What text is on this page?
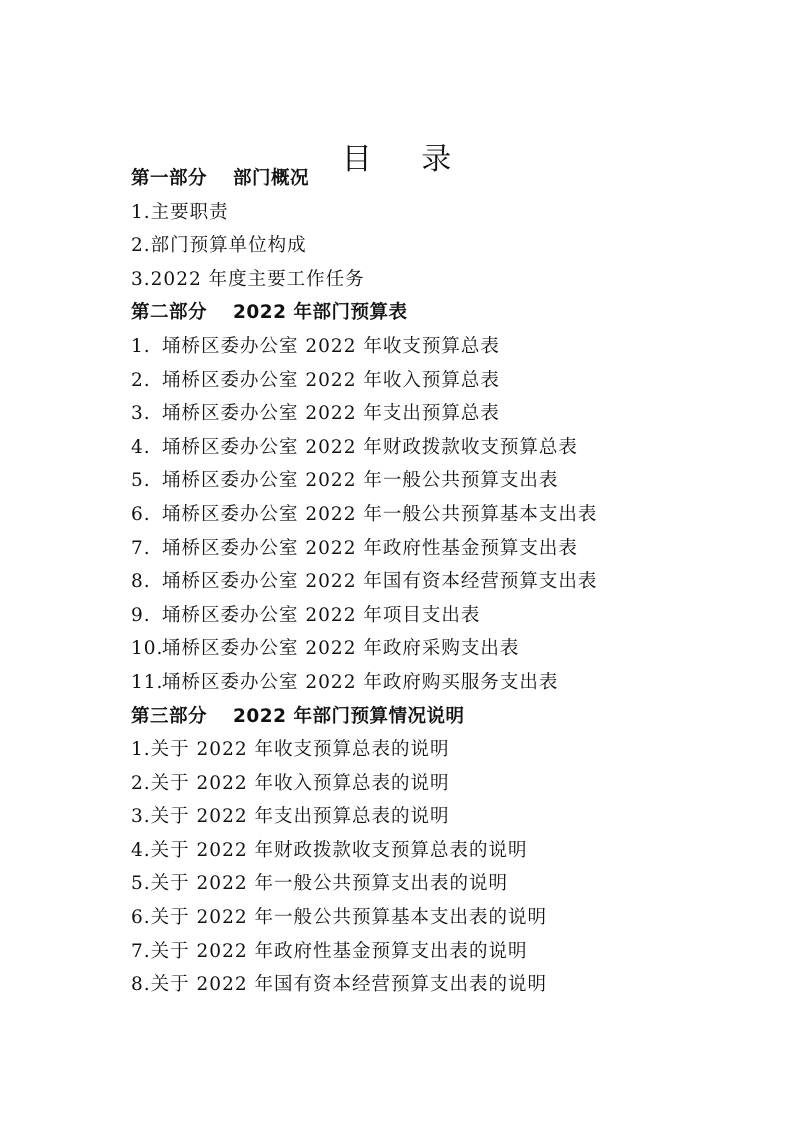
目 录
第一部分 部门概况
1.主要职责
2.部门预算单位构成
3.2022 年度主要工作任务
第二部分 2022 年部门预算表
1. 埇桥区委办公室 2022 年收支预算总表
2. 埇桥区委办公室 2022 年收入预算总表
3. 埇桥区委办公室 2022 年支出预算总表
4. 埇桥区委办公室 2022 年财政拨款收支预算总表
5. 埇桥区委办公室 2022 年一般公共预算支出表
6. 埇桥区委办公室 2022 年一般公共预算基本支出表
7. 埇桥区委办公室 2022 年政府性基金预算支出表
8. 埇桥区委办公室 2022 年国有资本经营预算支出表
9. 埇桥区委办公室 2022 年项目支出表
10.埇桥区委办公室 2022 年政府采购支出表
11.埇桥区委办公室 2022 年政府购买服务支出表
第三部分 2022 年部门预算情况说明
1.关于 2022 年收支预算总表的说明
2.关于 2022 年收入预算总表的说明
3.关于 2022 年支出预算总表的说明
4.关于 2022 年财政拨款收支预算总表的说明
5.关于 2022 年一般公共预算支出表的说明
6.关于 2022 年一般公共预算基本支出表的说明
7.关于 2022 年政府性基金预算支出表的说明
8.关于 2022 年国有资本经营预算支出表的说明
